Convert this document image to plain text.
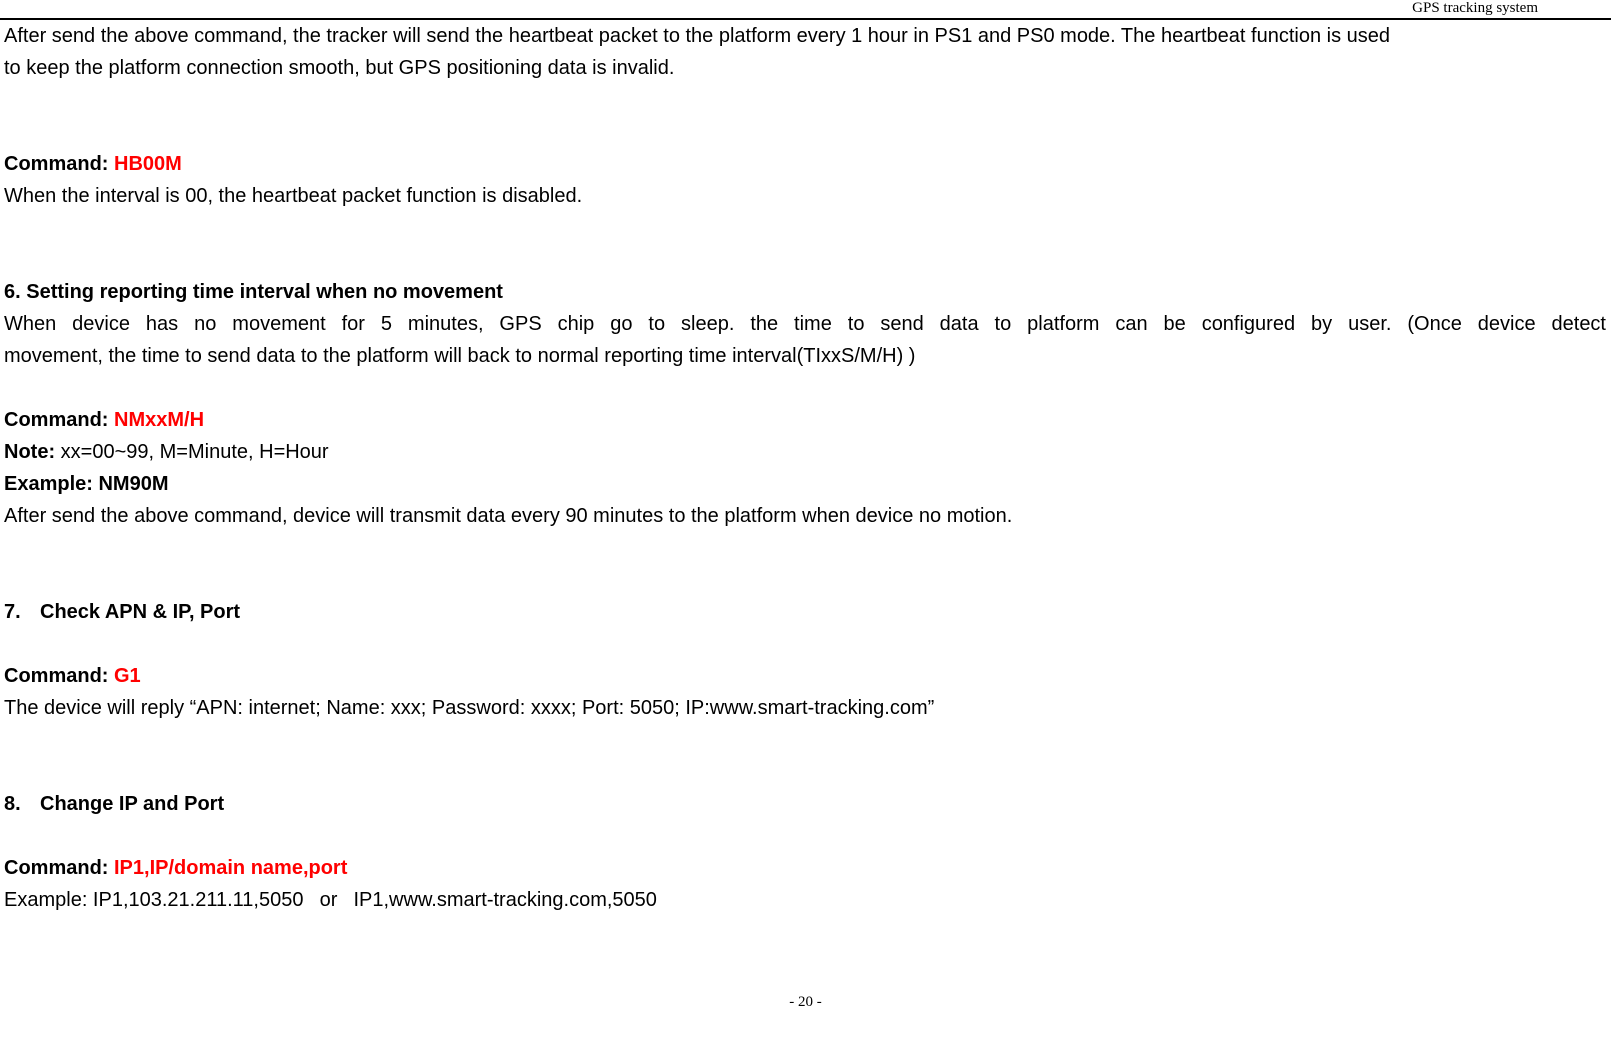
GPS tracking system
After send the above command, the tracker will send the heartbeat packet to the platform every 1 hour in PS1 and PS0 mode. The heartbeat function is used
to keep the platform connection smooth, but GPS positioning data is invalid.
Command: HB00M
When the interval is 00, the heartbeat packet function is disabled.
6. Setting reporting time interval when no movement
When device has no movement for 5 minutes, GPS chip go to sleep. the time to send data to platform can be configured by user. (Once device detect
movement, the time to send data to the platform will back to normal reporting time interval(TIxxS/M/H) )
Command: NMxxM/H
Note: xx=00~99, M=Minute, H=Hour
Example: NM90M
After send the above command, device will transmit data every 90 minutes to the platform when device no motion.
7. Check APN & IP, Port
Command: G1
The device will reply “APN: internet; Name: xxx; Password: xxxx; Port: 5050; IP:www.smart-tracking.com”
8. Change IP and Port
Command: IP1,IP/domain name,port
Example: IP1,103.21.211.11,5050 or IP1,www.smart-tracking.com,5050
- 20 -
